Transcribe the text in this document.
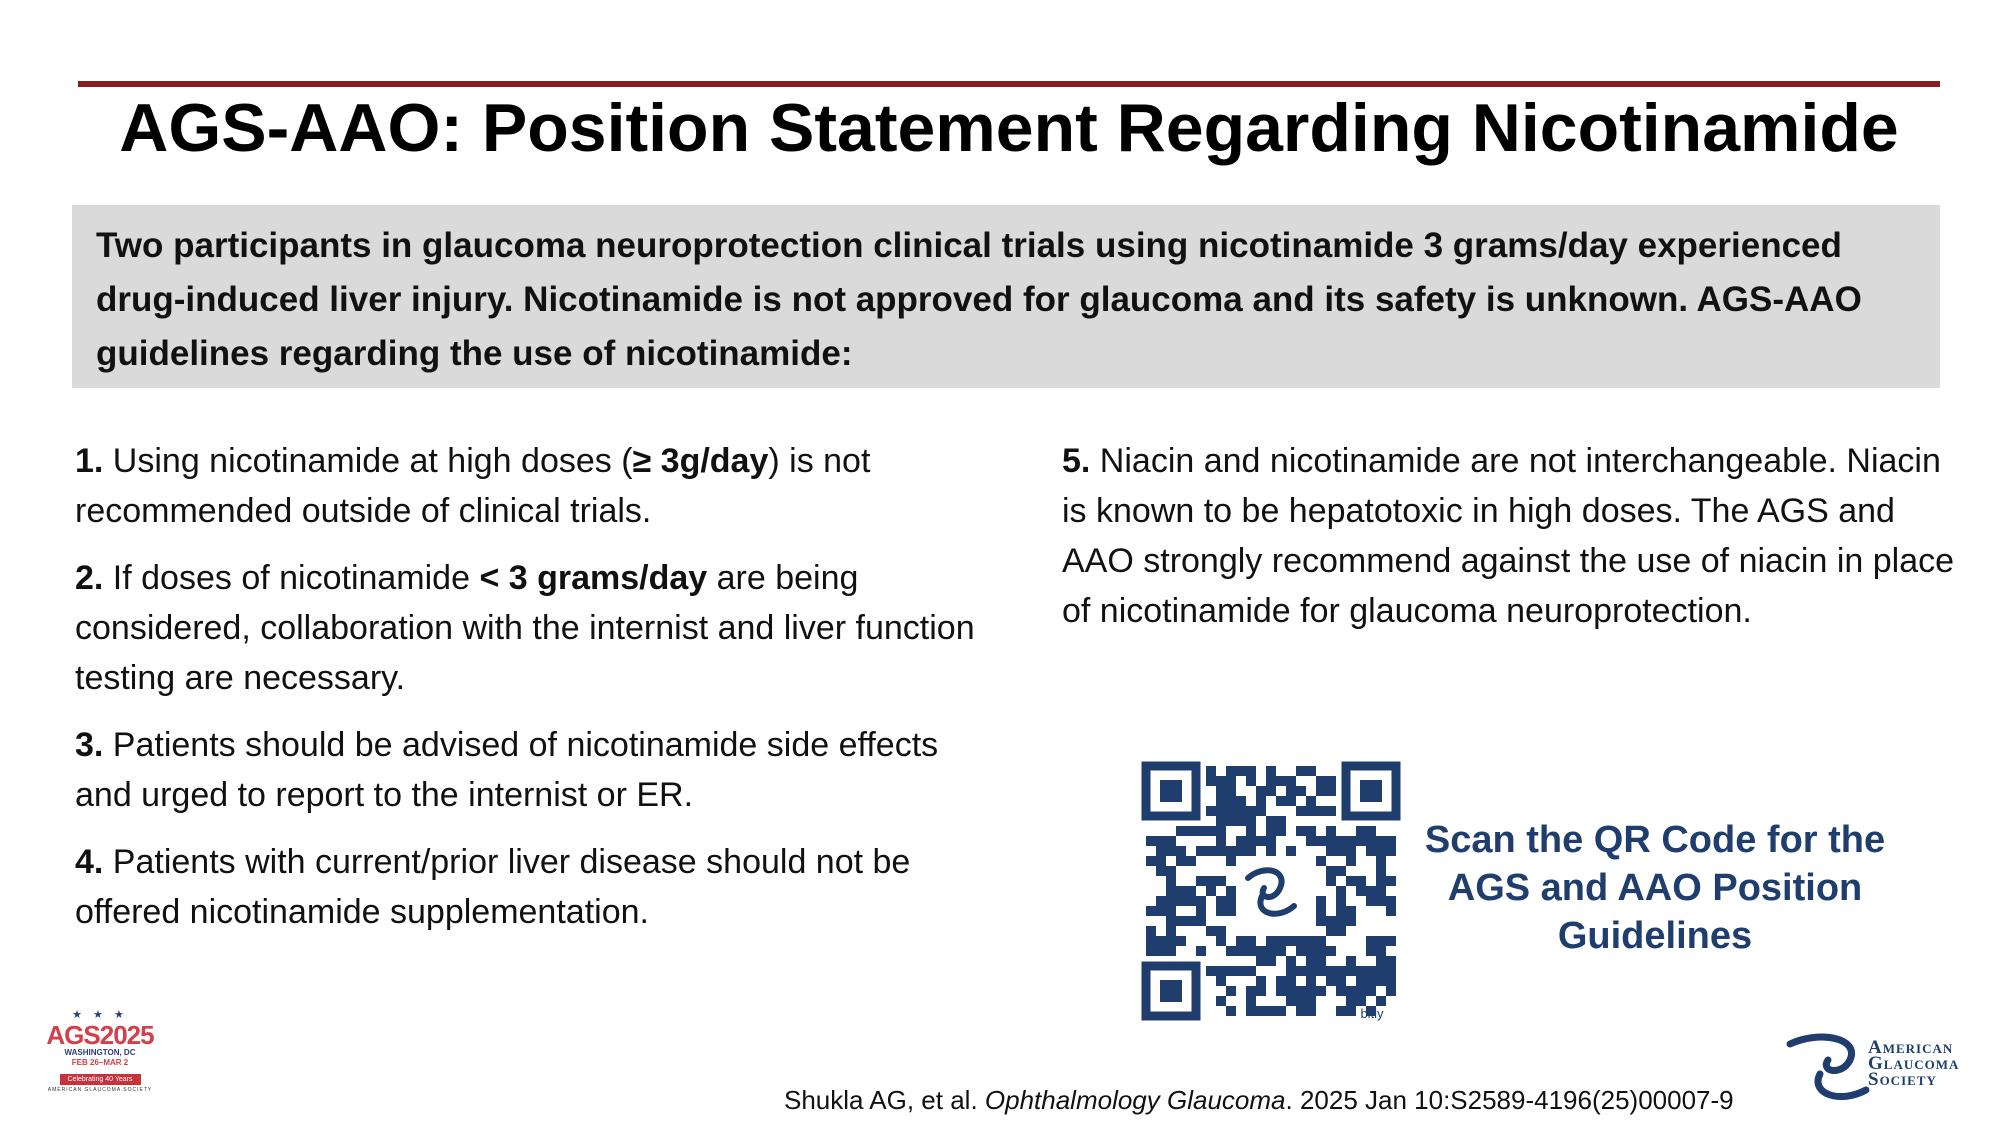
AGS-AAO: Position Statement Regarding Nicotinamide
Two participants in glaucoma neuroprotection clinical trials using nicotinamide 3 grams/day experienced drug-induced liver injury. Nicotinamide is not approved for glaucoma and its safety is unknown. AGS-AAO guidelines regarding the use of nicotinamide:
1. Using nicotinamide at high doses (≥ 3g/day) is not recommended outside of clinical trials.
2. If doses of nicotinamide < 3 grams/day are being considered, collaboration with the internist and liver function testing are necessary.
3. Patients should be advised of nicotinamide side effects and urged to report to the internist or ER.
4. Patients with current/prior liver disease should not be offered nicotinamide supplementation.
5. Niacin and nicotinamide are not interchangeable. Niacin is known to be hepatotoxic in high doses. The AGS and AAO strongly recommend against the use of niacin in place of nicotinamide for glaucoma neuroprotection.
bitly
Scan the QR Code for the AGS and AAO Position Guidelines
Shukla AG, et al. Ophthalmology Glaucoma. 2025 Jan 10:S2589-4196(25)00007-9
★ ★ ★
AGS2025
WASHINGTON, DC
FEB 26–MAR 2
Celebrating 40 Years
AMERICAN GLAUCOMA SOCIETY
American
Glaucoma
Society
